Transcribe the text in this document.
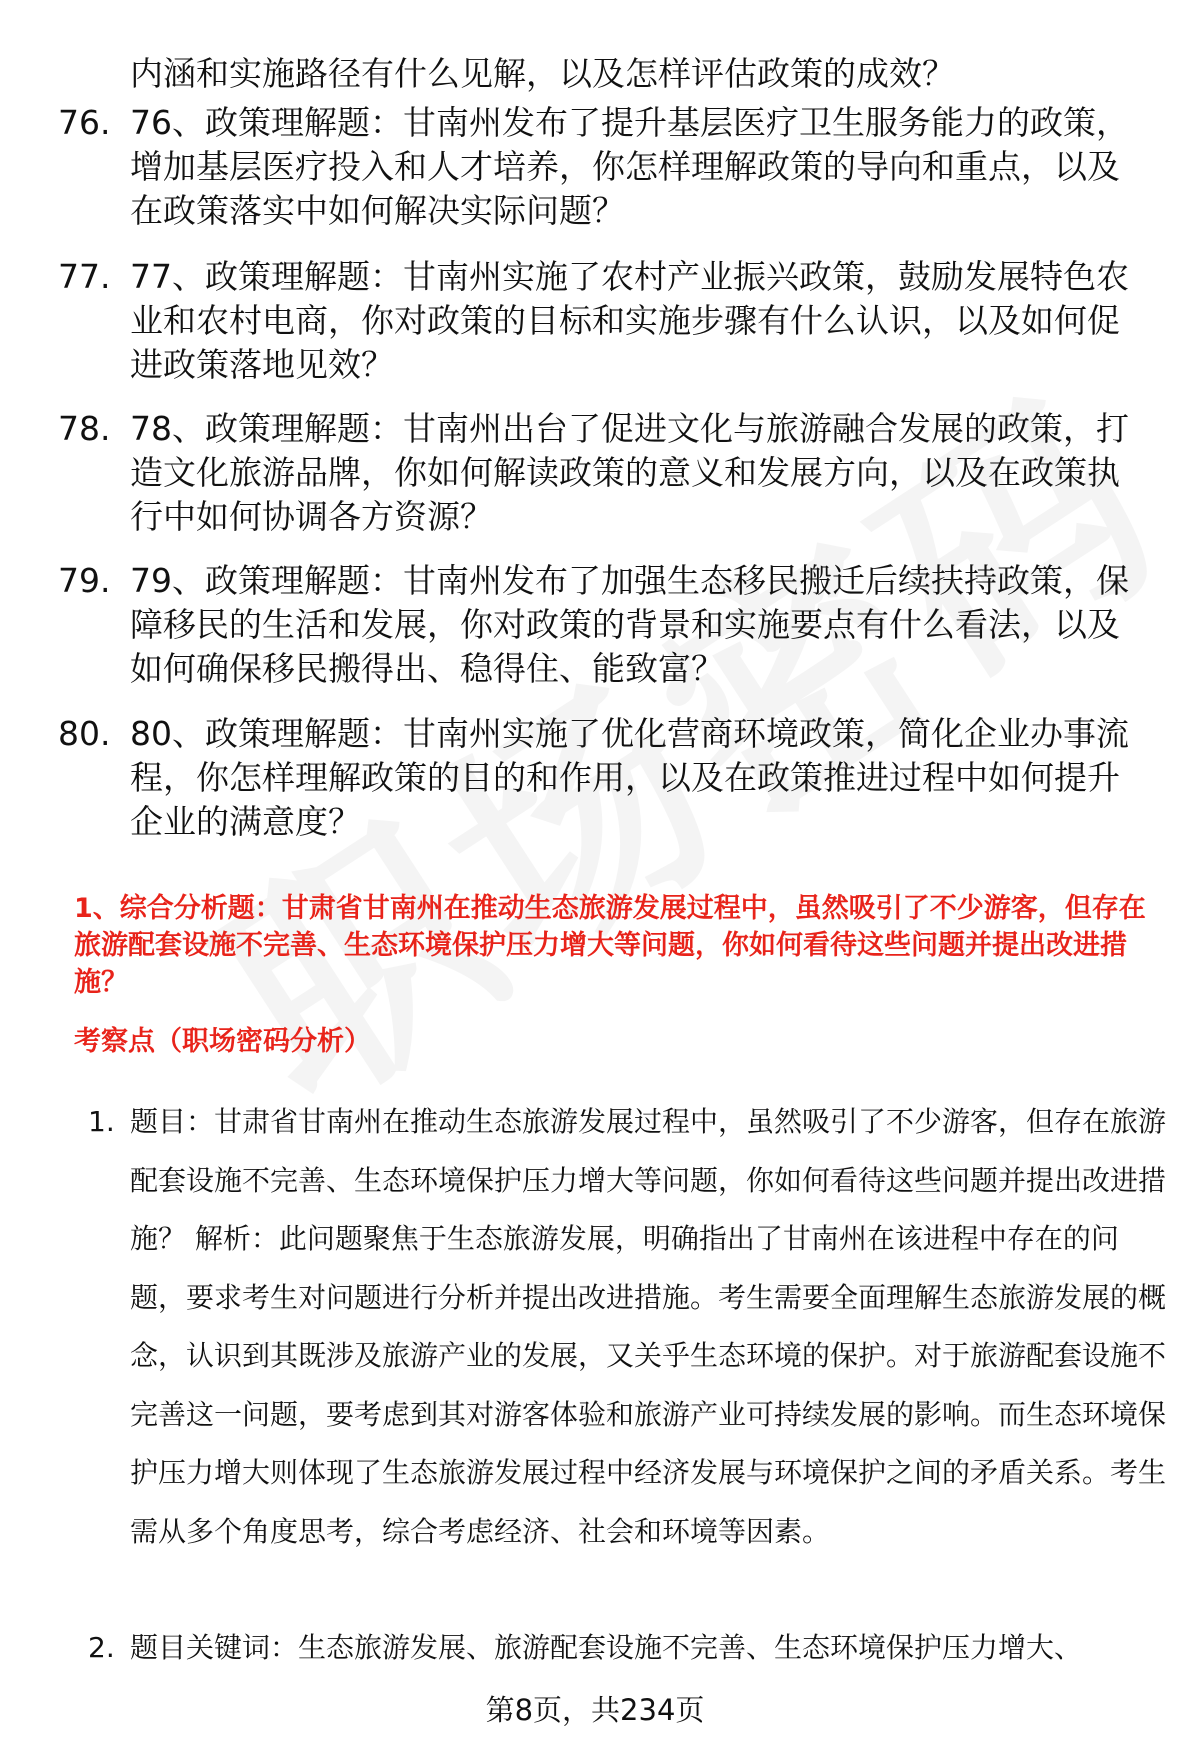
内涵和实施路径有什么见解，以及怎样评估政策的成效？
76. 76、政策理解题：甘南州发布了提升基层医疗卫生服务能力的政策，增加基层医疗投入和人才培养，你怎样理解政策的导向和重点，以及在政策落实中如何解决实际问题？
77. 77、政策理解题：甘南州实施了农村产业振兴政策，鼓励发展特色农业和农村电商，你对政策的目标和实施步骤有什么认识，以及如何促进政策落地见效？
78. 78、政策理解题：甘南州出台了促进文化与旅游融合发展的政策，打造文化旅游品牌，你如何解读政策的意义和发展方向，以及在政策执行中如何协调各方资源？
79. 79、政策理解题：甘南州发布了加强生态移民搬迁后续扶持政策，保障移民的生活和发展，你对政策的背景和实施要点有什么看法，以及如何确保移民搬得出、稳得住、能致富？
80. 80、政策理解题：甘南州实施了优化营商环境政策，简化企业办事流程，你怎样理解政策的目的和作用，以及在政策推进过程中如何提升企业的满意度？
1、综合分析题：甘肃省甘南州在推动生态旅游发展过程中，虽然吸引了不少游客，但存在旅游配套设施不完善、生态环境保护压力增大等问题，你如何看待这些问题并提出改进措施？
考察点（职场密码分析）
1. 题目：甘肃省甘南州在推动生态旅游发展过程中，虽然吸引了不少游客，但存在旅游配套设施不完善、生态环境保护压力增大等问题，你如何看待这些问题并提出改进措施？ 解析：此问题聚焦于生态旅游发展，明确指出了甘南州在该进程中存在的问题，要求考生对问题进行分析并提出改进措施。考生需要全面理解生态旅游发展的概念，认识到其既涉及旅游产业的发展，又关乎生态环境的保护。对于旅游配套设施不完善这一问题，要考虑到其对游客体验和旅游产业可持续发展的影响。而生态环境保护压力增大则体现了生态旅游发展过程中经济发展与环境保护之间的矛盾关系。考生需从多个角度思考，综合考虑经济、社会和环境等因素。
2. 题目关键词：生态旅游发展、旅游配套设施不完善、生态环境保护压力增大、
第8页，共234页
